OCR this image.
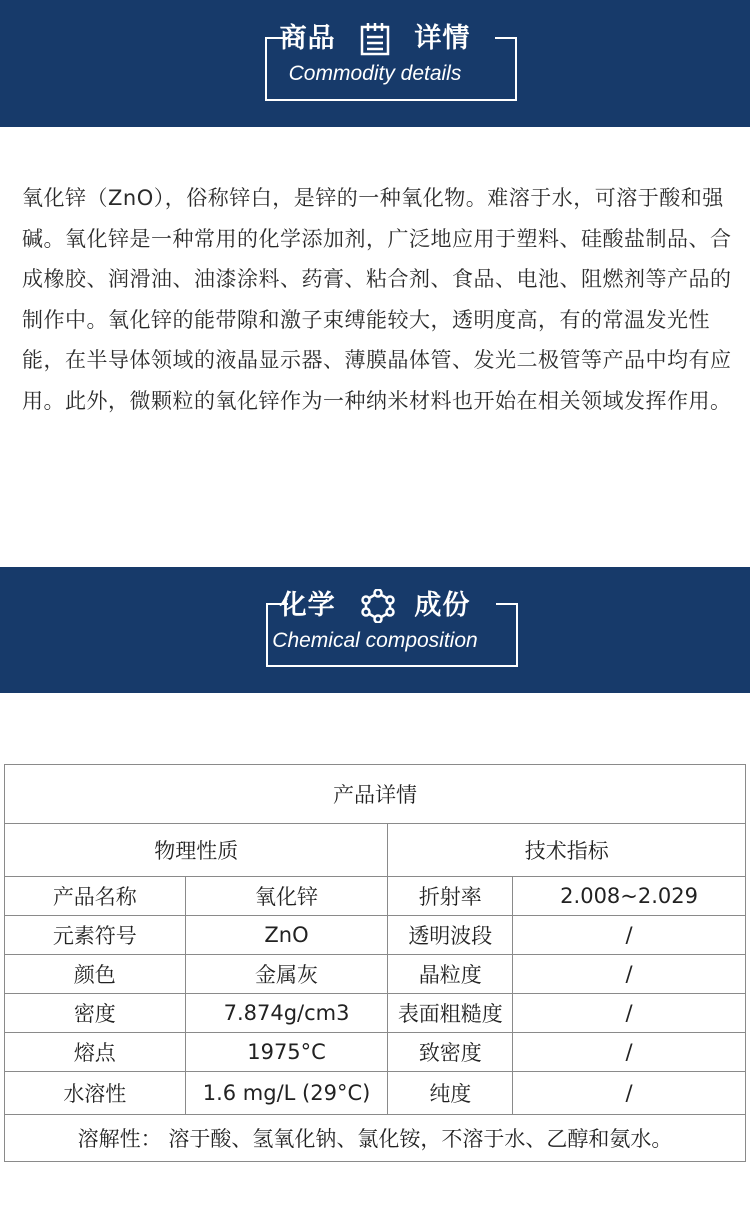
商品	详情
Commodity details
氧化锌（ZnO），俗称锌白，是锌的一种氧化物。难溶于水，可溶于酸和强碱。氧化锌是一种常用的化学添加剂，广泛地应用于塑料、硅酸盐制品、合成橡胶、润滑油、油漆涂料、药膏、粘合剂、食品、电池、阻燃剂等产品的制作中。氧化锌的能带隙和激子束缚能较大，透明度高，有的常温发光性能，在半导体领域的液晶显示器、薄膜晶体管、发光二极管等产品中均有应用。此外，微颗粒的氧化锌作为一种纳米材料也开始在相关领域发挥作用。
化学	成份
Chemical composition
产品详情			
物理性质		技术指标	
产品名称	氧化锌	折射率	2.008~2.029
元素符号	ZnO	透明波段	/
颜色	金属灰	晶粒度	/
密度	7.874g/cm3	表面粗糙度	/
熔点	1975°C	致密度	/
水溶性	1.6 mg/L (29°C)	纯度	/
溶解性： 溶于酸、氢氧化钠、氯化铵，不溶于水、乙醇和氨水。			
